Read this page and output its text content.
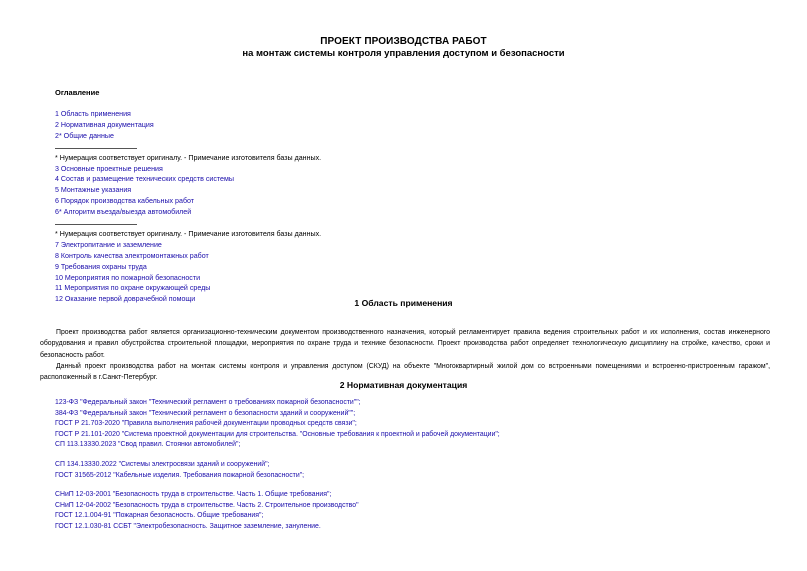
ПРОЕКТ ПРОИЗВОДСТВА РАБОТ
на монтаж системы контроля управления доступом и безопасности
Оглавление
1 Область применения
2 Нормативная документация
2* Общие данные
* Нумерация соответствует оригиналу. - Примечание изготовителя базы данных.
3 Основные проектные решения
4 Состав и размещение технических средств системы
5 Монтажные указания
6 Порядок производства кабельных работ
6* Алгоритм въезда/выезда автомобилей
* Нумерация соответствует оригиналу. - Примечание изготовителя базы данных.
7 Электропитание и заземление
8 Контроль качества электромонтажных работ
9 Требования охраны труда
10 Мероприятия по пожарной безопасности
11 Мероприятия по охране окружающей среды
12 Оказание первой доврачебной помощи	1 Область применения
Проект производства работ является организационно-техническим документом производственного назначения, который регламентирует правила ведения строительных работ и их исполнения, состав инженерного оборудования и правил обустройства строительной площадки, мероприятия по охране труда и технике безопасности. Проект производства работ определяет технологическую дисциплину на стройке, качество, сроки и безопасность работ.
Данный проект производства работ на монтаж системы контроля и управления доступом (СКУД) на объекте "Многоквартирный жилой дом со встроенными помещениями и встроенно-пристроенным гаражом", расположенный в г.Санкт-Петербург.
2 Нормативная документация
123-ФЗ "Федеральный закон "Технический регламент о требованиях пожарной безопасности"";
384-ФЗ "Федеральный закон "Технический регламент о безопасности зданий и сооружений"";
ГОСТ Р 21.703-2020 "Правила выполнения рабочей документации проводных средств связи";
ГОСТ Р 21.101-2020 "Система проектной документации для строительства. "Основные требования к проектной и рабочей документации";
СП 113.13330.2023 "Свод правил. Стоянки автомобилей";
СП 134.13330.2022 "Системы электросвязи зданий и сооружений";
ГОСТ 31565-2012 "Кабельные изделия. Требования пожарной безопасности";
СНиП 12-03-2001 "Безопасность труда в строительстве. Часть 1. Общие требования";
СНиП 12-04-2002 "Безопасность труда в строительстве. Часть 2. Строительное производство"
ГОСТ 12.1.004-91 "Пожарная безопасность. Общие требования";
ГОСТ 12.1.030-81 ССБТ "Электробезопасность. Защитное заземление, зануление.
